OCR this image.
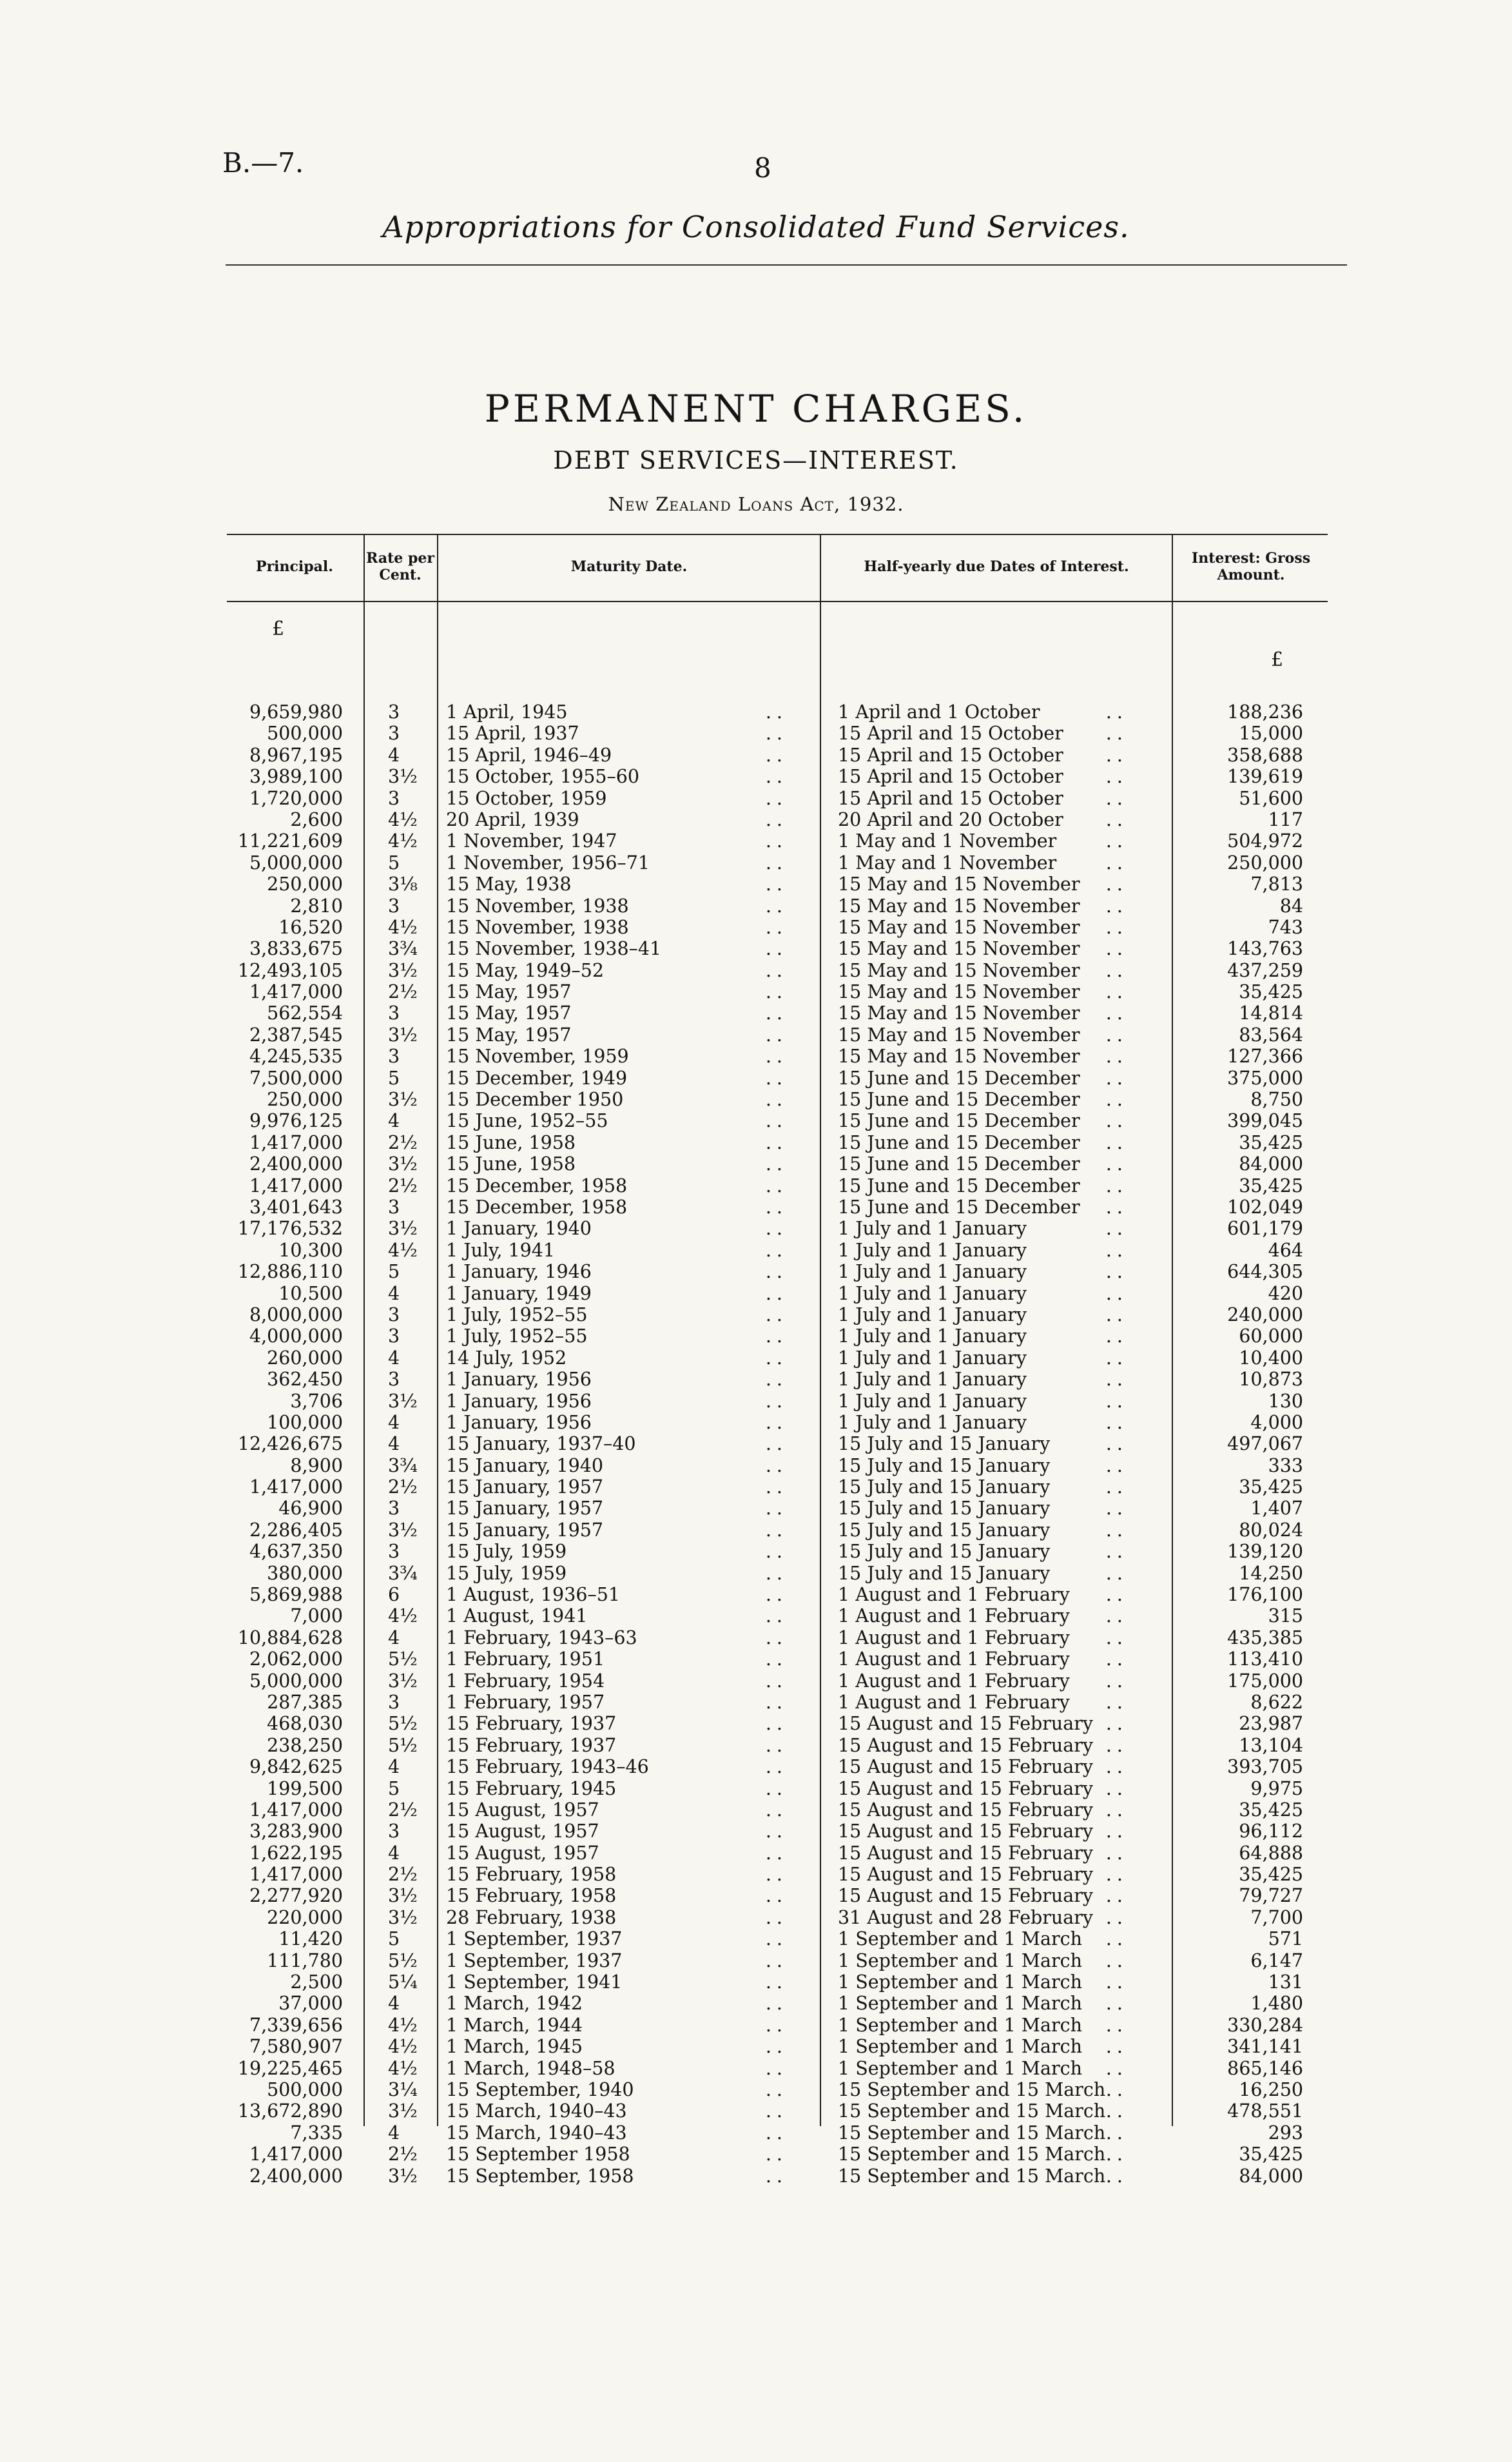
B.—7.	8
Appropriations for Consolidated Fund Services.
PERMANENT CHARGES.
DEBT SERVICES—INTEREST.
New Zealand Loans Act, 1932.
Principal.	Rate per Cent.	Maturity Date.	Half-yearly due Dates of Interest.	Interest: Gross Amount.
£
£
9,659,980 3	1 April, 1945	..	1 April and 1 October	..	188,236
500,000 3	15 April, 1937	..	15 April and 15 October	..	15,000
8,967,195 4	15 April, 1946–49	..	15 April and 15 October	..	358,688
3,989,100 3½	15 October, 1955–60	..	15 April and 15 October	..	139,619
1,720,000 3	15 October, 1959	..	15 April and 15 October	..	51,600
2,600 4½	20 April, 1939	..	20 April and 20 October	..	117
11,221,609 4½	1 November, 1947	..	1 May and 1 November	..	504,972
5,000,000 5	1 November, 1956–71	..	1 May and 1 November	..	250,000
250,000 3⅛	15 May, 1938	..	15 May and 15 November	..	7,813
2,810 3	15 November, 1938	..	15 May and 15 November	..	84
16,520 4½	15 November, 1938	..	15 May and 15 November	..	743
3,833,675 3¾	15 November, 1938–41	..	15 May and 15 November	..	143,763
12,493,105 3½	15 May, 1949–52	..	15 May and 15 November	..	437,259
1,417,000 2½	15 May, 1957	..	15 May and 15 November	..	35,425
562,554 3	15 May, 1957	..	15 May and 15 November	..	14,814
2,387,545 3½	15 May, 1957	..	15 May and 15 November	..	83,564
4,245,535 3	15 November, 1959	..	15 May and 15 November	..	127,366
7,500,000 5	15 December, 1949	..	15 June and 15 December	..	375,000
250,000 3½	15 December 1950	..	15 June and 15 December	..	8,750
9,976,125 4	15 June, 1952–55	..	15 June and 15 December	..	399,045
1,417,000 2½	15 June, 1958	..	15 June and 15 December	..	35,425
2,400,000 3½	15 June, 1958	..	15 June and 15 December	..	84,000
1,417,000 2½	15 December, 1958	..	15 June and 15 December	..	35,425
3,401,643 3	15 December, 1958	..	15 June and 15 December	..	102,049
17,176,532 3½	1 January, 1940	..	1 July and 1 January	..	601,179
10,300 4½	1 July, 1941	..	1 July and 1 January	..	464
12,886,110 5	1 January, 1946	..	1 July and 1 January	..	644,305
10,500 4	1 January, 1949	..	1 July and 1 January	..	420
8,000,000 3	1 July, 1952–55	..	1 July and 1 January	..	240,000
4,000,000 3	1 July, 1952–55	..	1 July and 1 January	..	60,000
260,000 4	14 July, 1952	..	1 July and 1 January	..	10,400
362,450 3	1 January, 1956	..	1 July and 1 January	..	10,873
3,706 3½	1 January, 1956	..	1 July and 1 January	..	130
100,000 4	1 January, 1956	..	1 July and 1 January	..	4,000
12,426,675 4	15 January, 1937–40	..	15 July and 15 January	..	497,067
8,900 3¾	15 January, 1940	..	15 July and 15 January	..	333
1,417,000 2½	15 January, 1957	..	15 July and 15 January	..	35,425
46,900 3	15 January, 1957	..	15 July and 15 January	..	1,407
2,286,405 3½	15 January, 1957	..	15 July and 15 January	..	80,024
4,637,350 3	15 July, 1959	..	15 July and 15 January	..	139,120
380,000 3¾	15 July, 1959	..	15 July and 15 January	..	14,250
5,869,988 6	1 August, 1936–51	..	1 August and 1 February	..	176,100
7,000 4½	1 August, 1941	..	1 August and 1 February	..	315
10,884,628 4	1 February, 1943–63	..	1 August and 1 February	..	435,385
2,062,000 5½	1 February, 1951	..	1 August and 1 February	..	113,410
5,000,000 3½	1 February, 1954	..	1 August and 1 February	..	175,000
287,385 3	1 February, 1957	..	1 August and 1 February	..	8,622
468,030 5½	15 February, 1937	..	15 August and 15 February ..	23,987
238,250 5½	15 February, 1937	..	15 August and 15 February ..	13,104
9,842,625 4	15 February, 1943–46	..	15 August and 15 February ..	393,705
199,500 5	15 February, 1945	..	15 August and 15 February ..	9,975
1,417,000 2½	15 August, 1957	..	15 August and 15 February ..	35,425
3,283,900 3	15 August, 1957	..	15 August and 15 February ..	96,112
1,622,195 4	15 August, 1957	..	15 August and 15 February ..	64,888
1,417,000 2½	15 February, 1958	..	15 August and 15 February ..	35,425
2,277,920 3½	15 February, 1958	..	15 August and 15 February ..	79,727
220,000 3½	28 February, 1938	..	31 August and 28 February ..	7,700
11,420 5	1 September, 1937	..	1 September and 1 March	..	571
111,780 5½	1 September, 1937	..	1 September and 1 March	..	6,147
2,500 5¼	1 September, 1941	..	1 September and 1 March	..	131
37,000 4	1 March, 1942	..	1 September and 1 March	..	1,480
7,339,656 4½	1 March, 1944	..	1 September and 1 March	..	330,284
7,580,907 4½	1 March, 1945	..	1 September and 1 March	..	341,141
19,225,465 4½	1 March, 1948–58	..	1 September and 1 March	..	865,146
500,000 3¼	15 September, 1940	..	15 September and 15 March ..	16,250
13,672,890 3½	15 March, 1940–43	..	15 September and 15 March ..	478,551
7,335 4	15 March, 1940–43	..	15 September and 15 March ..	293
1,417,000 2½	15 September 1958	..	15 September and 15 March ..	35,425
2,400,000 3½	15 September, 1958	..	15 September and 15 March ..	84,000
